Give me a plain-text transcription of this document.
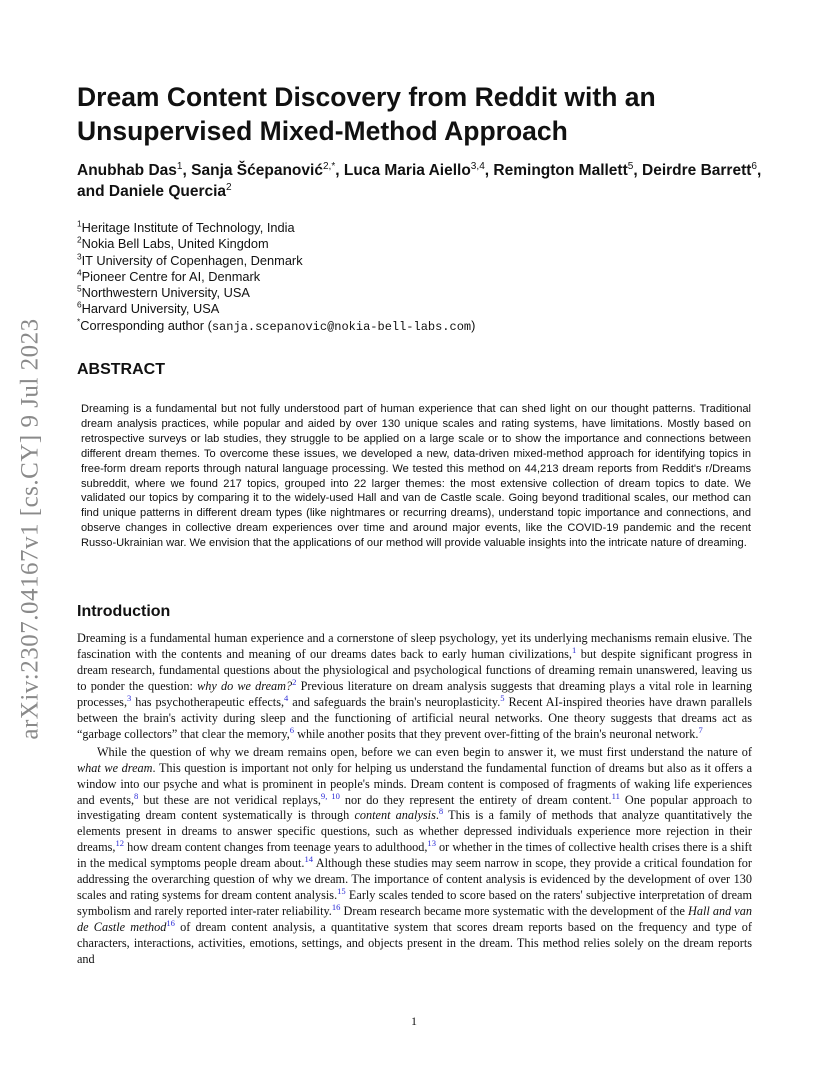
arXiv:2307.04167v1 [cs.CY] 9 Jul 2023
Dream Content Discovery from Reddit with an Unsupervised Mixed-Method Approach
Anubhab Das$^1$, Sanja Šćepanović$^{2,*}$, Luca Maria Aiello$^{3,4}$, Remington Mallett$^5$, Deirdre Barrett$^6$, and Daniele Quercia$^2$
$^1$Heritage Institute of Technology, India
$^2$Nokia Bell Labs, United Kingdom
$^3$IT University of Copenhagen, Denmark
$^4$Pioneer Centre for AI, Denmark
$^5$Northwestern University, USA
$^6$Harvard University, USA
*Corresponding author (sanja.scepanovic@nokia-bell-labs.com)
ABSTRACT

Dreaming is a fundamental but not fully understood part of human experience that can shed light on our thought patterns. Traditional dream analysis practices, while popular and aided by over 130 unique scales and rating systems, have limitations. Mostly based on retrospective surveys or lab studies, they struggle to be applied on a large scale or to show the importance and connections between different dream themes. To overcome these issues, we developed a new, data-driven mixed-method approach for identifying topics in free-form dream reports through natural language processing. We tested this method on 44,213 dream reports from Reddit's r/Dreams subreddit, where we found 217 topics, grouped into 22 larger themes: the most extensive collection of dream topics to date. We validated our topics by comparing it to the widely-used Hall and van de Castle scale. Going beyond traditional scales, our method can find unique patterns in different dream types (like nightmares or recurring dreams), understand topic importance and connections, and observe changes in collective dream experiences over time and around major events, like the COVID-19 pandemic and the recent Russo-Ukrainian war. We envision that the applications of our method will provide valuable insights into the intricate nature of dreaming.

Introduction

Dreaming is a fundamental human experience and a cornerstone of sleep psychology, yet its underlying mechanisms remain elusive. The fascination with the contents and meaning of our dreams dates back to early human civilizations,$^1$ but despite significant progress in dream research, fundamental questions about the physiological and psychological functions of dreaming remain unanswered, leaving us to ponder the question: why do we dream?$^2$ Previous literature on dream analysis suggests that dreaming plays a vital role in learning processes,$^3$ has psychotherapeutic effects,$^4$ and safeguards the brain's neuroplasticity.$^5$ Recent AI-inspired theories have drawn parallels between the brain's activity during sleep and the functioning of artificial neural networks. One theory suggests that dreams act as “garbage collectors” that clear the memory,$^6$ while another posits that they prevent over-fitting of the brain's neuronal network.$^7$

While the question of why we dream remains open, before we can even begin to answer it, we must first understand the nature of what we dream. This question is important not only for helping us understand the fundamental function of dreams but also as it offers a window into our psyche and what is prominent in people's minds. Dream content is composed of fragments of waking life experiences and events,$^8$ but these are not veridical replays,$^{9, 10}$ nor do they represent the entirety of dream content.$^{11}$ One popular approach to investigating dream content systematically is through content analysis.$^8$ This is a family of methods that analyze quantitatively the elements present in dreams to answer specific questions, such as whether depressed individuals experience more rejection in their dreams,$^{12}$ how dream content changes from teenage years to adulthood,$^{13}$ or whether in the times of collective health crises there is a shift in the medical symptoms people dream about.$^{14}$ Although these studies may seem narrow in scope, they provide a critical foundation for addressing the overarching question of why we dream. The importance of content analysis is evidenced by the development of over 130 scales and rating systems for dream content analysis.$^{15}$ Early scales tended to score based on the raters' subjective interpretation of dream symbolism and rarely reported inter-rater reliability.$^{16}$ Dream research became more systematic with the development of the Hall and van de Castle method$^{16}$ of dream content analysis, a quantitative system that scores dream reports based on the frequency and type of characters, interactions, activities, emotions, settings, and objects present in the dream. This method relies solely on the dream reports and

1
